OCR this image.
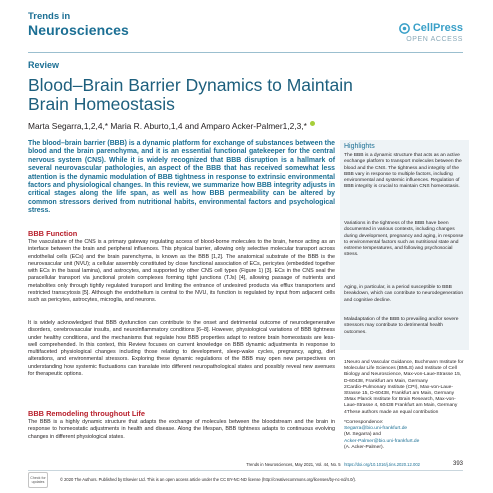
Trends in
Neurosciences	CellPress
OPEN ACCESS
Review
Blood–Brain Barrier Dynamics to Maintain Brain Homeostasis
Marta Segarra,1,2,4,* Maria R. Aburto,1,4 and Amparo Acker-Palmer1,2,3,*
The blood–brain barrier (BBB) is a dynamic platform for exchange of substances between the blood and the brain parenchyma, and it is an essential functional gatekeeper for the central nervous system (CNS). While it is widely recognized that BBB disruption is a hallmark of several neurovascular pathologies, an aspect of the BBB that has received somewhat less attention is the dynamic modulation of BBB tightness in response to extrinsic environmental factors and physiological changes. In this review, we summarize how BBB integrity adjusts in critical stages along the life span, as well as how BBB permeability can be altered by common stressors derived from nutritional habits, environmental factors and psychological stress.
BBB Function
The vasculature of the CNS is a primary gateway regulating access of blood-borne molecules to the brain, hence acting as an interface between the brain and peripheral influences. This physical barrier, allowing only selective molecular transport across endothelial cells (ECs) and the brain parenchyma, is known as the BBB [1,2]. The anatomical substrate of the BBB is the neurovascular unit (NVU); a cellular assembly constituted by close functional association of ECs, pericytes (embedded together with ECs in the basal lamina), and astrocytes, and supported by other CNS cell types (Figure 1) [3]. ECs in the CNS seal the paracellular transport via junctional protein complexes forming tight junctions (TJs) [4], allowing passage of nutrients and metabolites only through tightly regulated transport and limiting the entrance of undesired products via efflux transporters and restricted transcytosis [5]. Although the endothelium is central to the NVU, its function is regulated by input from adjacent cells such as pericytes, astrocytes, microglia, and neurons.
It is widely acknowledged that BBB dysfunction can contribute to the onset and detrimental outcome of neurodegenerative disorders, cerebrovascular insults, and neuroinflammatory conditions [6–8]. However, physiological variations of BBB tightness under healthy conditions, and the mechanisms that regulate how BBB properties adapt to restore brain homeostasis are less-well comprehended. In this context, this Review focuses on current knowledge on BBB dynamic adjustments in response to multifaceted physiological changes including those relating to development, sleep-wake cycles, pregnancy, aging, diet alterations, and environmental stressors. Exploring these dynamic regulations of the BBB may open new perspectives on understanding how systemic fluctuations can translate into different neuropathological states and possibly reveal new avenues for therapeutic options.
BBB Remodeling throughout Life
The BBB is a highly dynamic structure that adapts the exchange of molecules between the bloodstream and the brain in response to homeostatic adjustments in health and disease. Along the lifespan, BBB tightness adapts to continuous evolving changes in different physiological states.
Highlights
The BBB is a dynamic structure that acts as an active exchange platform to transport molecules between the blood and the CNS. The tightness and integrity of the BBB vary in response to multiple factors, including environmental and systemic influences. Regulation of BBB integrity is crucial to maintain CNS homeostasis.
Variations in the tightness of the BBB have been documented in various contexts, including changes during development, pregnancy and aging, in response to environmental factors such as nutritional state and extreme temperatures, and following psychosocial stress.
Aging, in particular, is a period susceptible to BBB breakdown, which can contribute to neurodegeneration and cognitive decline.
Maladaptation of the BBB to prevailing and/or severe stressors may contribute to detrimental health outcomes.
1Neuro and Vascular Guidance, Buchmann Institute for Molecular Life Sciences (BMLS) and Institute of Cell Biology and Neuroscience, Max-von-Laue-Strasse 15, D-60438, Frankfurt am Main, Germany
2Cardio-Pulmonary Institute (CPI), Max-von-Laue-Strasse 15, D-60438, Frankfurt am Main, Germany
3Max Planck Institute for Brain Research, Max-von-Laue-Strasse 4, 60438 Frankfurt am Main, Germany
4These authors made an equal contribution
*Correspondence:
Segarra@bio.uni-frankfurt.de
(M. Segarra) and
Acker-Palmer@bio.uni-frankfurt.de
(A. Acker-Palmer).
Trends in Neurosciences, May 2021, Vol. 44, No. 5 https://doi.org/10.1016/j.tins.2020.12.002	393
Check for updates	© 2020 The Authors. Published by Elsevier Ltd. This is an open access article under the CC BY-NC-ND license (http://creativecommons.org/licenses/by-nc-nd/4.0/).
